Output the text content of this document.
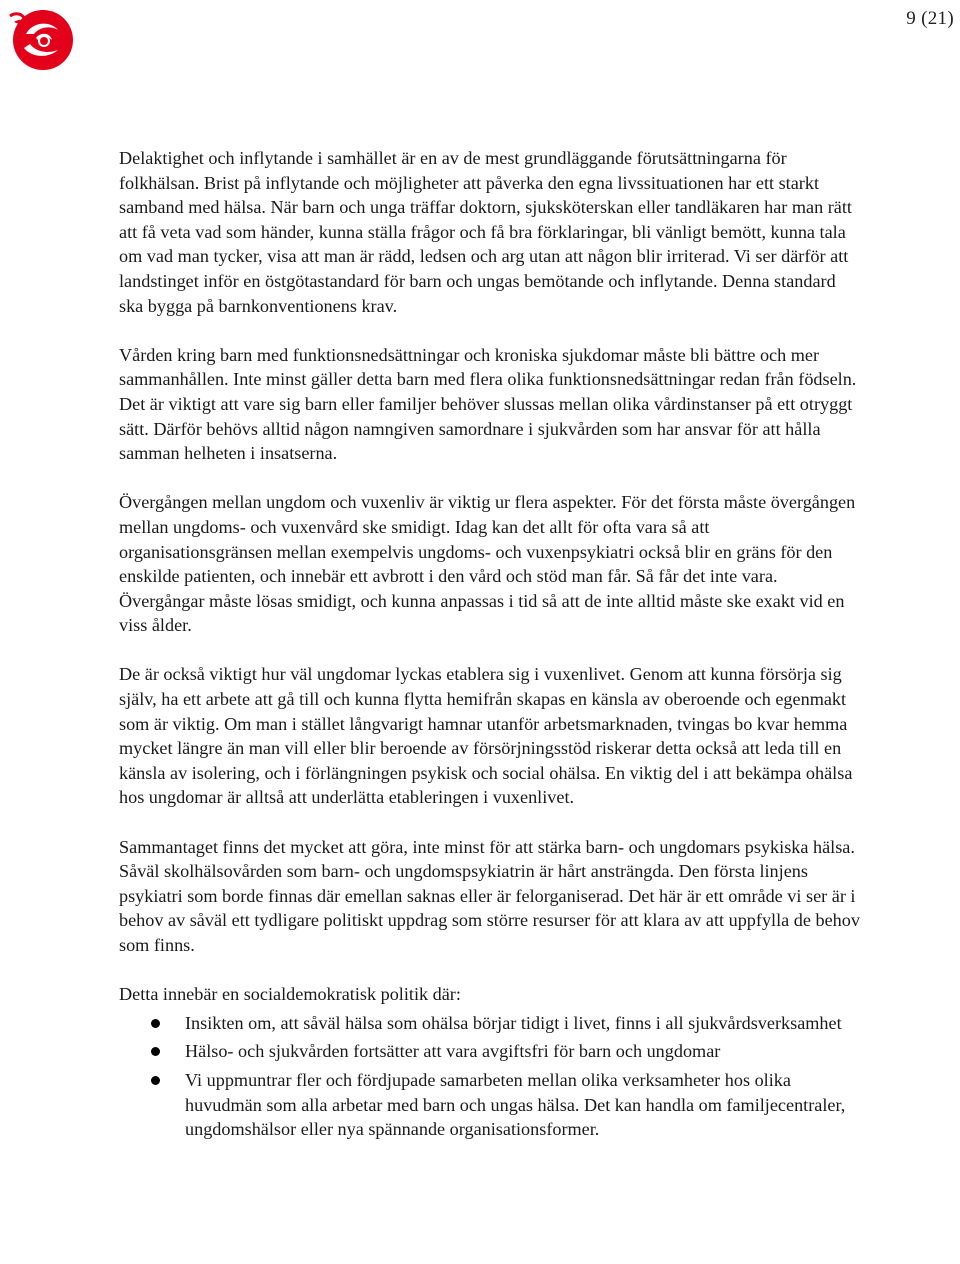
9 (21)

Delaktighet och inflytande i samhället är en av de mest grundläggande förutsättningarna för folkhälsan. Brist på inflytande och möjligheter att påverka den egna livssituationen har ett starkt samband med hälsa. När barn och unga träffar doktorn, sjuksköterskan eller tandläkaren har man rätt att få veta vad som händer, kunna ställa frågor och få bra förklaringar, bli vänligt bemött, kunna tala om vad man tycker, visa att man är rädd, ledsen och arg utan att någon blir irriterad. Vi ser därför att landstinget inför en östgötastandard för barn och ungas bemötande och inflytande. Denna standard ska bygga på barnkonventionens krav.

Vården kring barn med funktionsnedsättningar och kroniska sjukdomar måste bli bättre och mer sammanhållen. Inte minst gäller detta barn med flera olika funktionsnedsättningar redan från födseln. Det är viktigt att vare sig barn eller familjer behöver slussas mellan olika vårdinstanser på ett otryggt sätt. Därför behövs alltid någon namngiven samordnare i sjukvården som har ansvar för att hålla samman helheten i insatserna.

Övergången mellan ungdom och vuxenliv är viktig ur flera aspekter. För det första måste övergången mellan ungdoms- och vuxenvård ske smidigt. Idag kan det allt för ofta vara så att organisationsgränsen mellan exempelvis ungdoms- och vuxenpsykiatri också blir en gräns för den enskilde patienten, och innebär ett avbrott i den vård och stöd man får. Så får det inte vara. Övergångar måste lösas smidigt, och kunna anpassas i tid så att de inte alltid måste ske exakt vid en viss ålder.

De är också viktigt hur väl ungdomar lyckas etablera sig i vuxenlivet. Genom att kunna försörja sig själv, ha ett arbete att gå till och kunna flytta hemifrån skapas en känsla av oberoende och egenmakt som är viktig. Om man i stället långvarigt hamnar utanför arbetsmarknaden, tvingas bo kvar hemma mycket längre än man vill eller blir beroende av försörjningsstöd riskerar detta också att leda till en känsla av isolering, och i förlängningen psykisk och social ohälsa. En viktig del i att bekämpa ohälsa hos ungdomar är alltså att underlätta etableringen i vuxenlivet.

Sammantaget finns det mycket att göra, inte minst för att stärka barn- och ungdomars psykiska hälsa. Såväl skolhälsovården som barn- och ungdomspsykiatrin är hårt ansträngda. Den första linjens psykiatri som borde finnas där emellan saknas eller är felorganiserad. Det här är ett område vi ser är i behov av såväl ett tydligare politiskt uppdrag som större resurser för att klara av att uppfylla de behov som finns.

Detta innebär en socialdemokratisk politik där:
Insikten om, att såväl hälsa som ohälsa börjar tidigt i livet, finns i all sjukvårdsverksamhet
Hälso- och sjukvården fortsätter att vara avgiftsfri för barn och ungdomar
Vi uppmuntrar fler och fördjupade samarbeten mellan olika verksamheter hos olika huvudmän som alla arbetar med barn och ungas hälsa. Det kan handla om familjecentraler, ungdomshälsor eller nya spännande organisationsformer.
